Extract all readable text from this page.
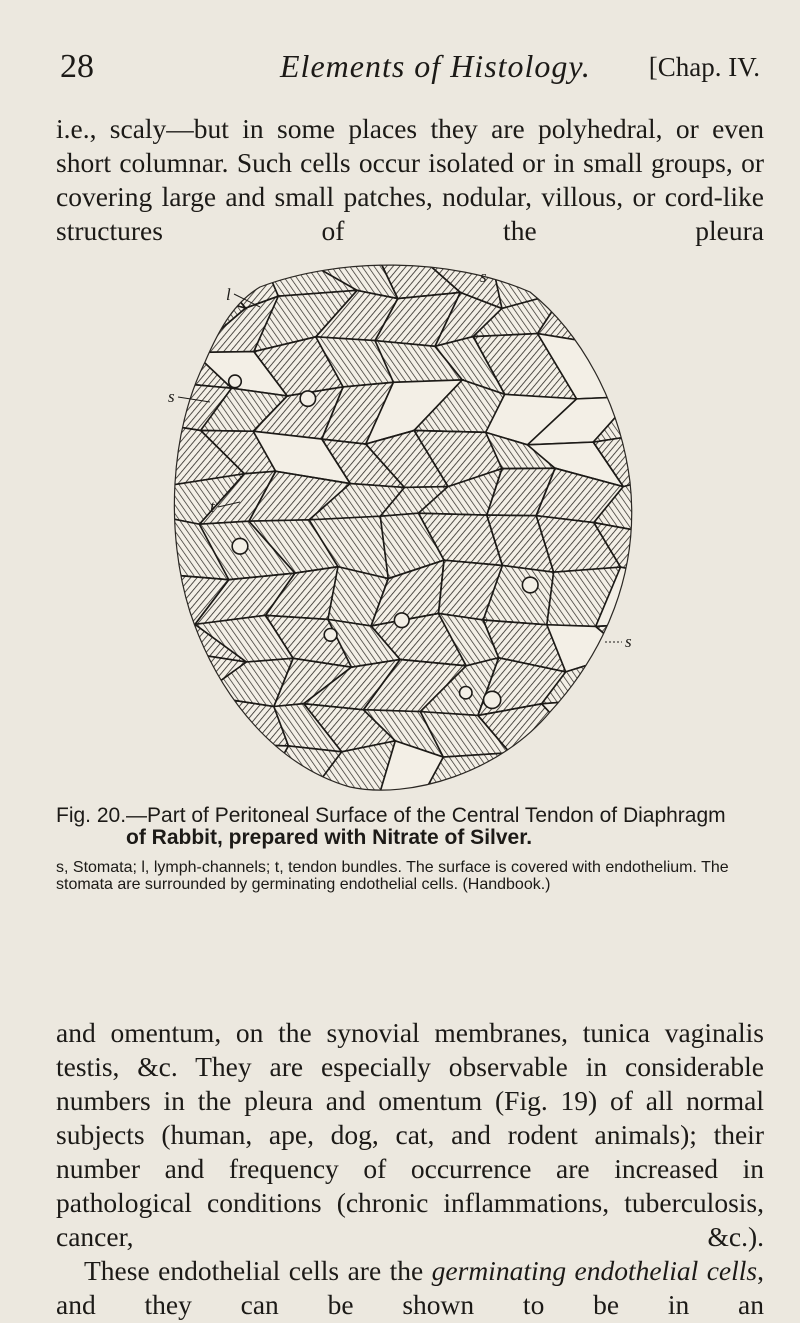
28	Elements of Histology. [Chap. IV.
i.e., scaly—but in some places they are polyhedral, or even short columnar. Such cells occur isolated or in small groups, or covering large and small patches, nodular, villous, or cord-like structures of the pleura
l
s
t
s
s
Fig. 20.—Part of Peritoneal Surface of the Central Tendon of Diaphragm
of Rabbit, prepared with Nitrate of Silver.
s, Stomata; l, lymph-channels; t, tendon bundles. The surface is covered with endothelium. The stomata are surrounded by germinating endothelial cells. (Handbook.)

and omentum, on the synovial membranes, tunica vaginalis testis, &c. They are especially observable in considerable numbers in the pleura and omentum (Fig. 19) of all normal subjects (human, ape, dog, cat, and rodent animals); their number and frequency of occurrence are increased in pathological conditions (chronic inflammations, tuberculosis, cancer, &c.).

These endothelial cells are the germinating endothelial cells, and they can be shown to be in an
